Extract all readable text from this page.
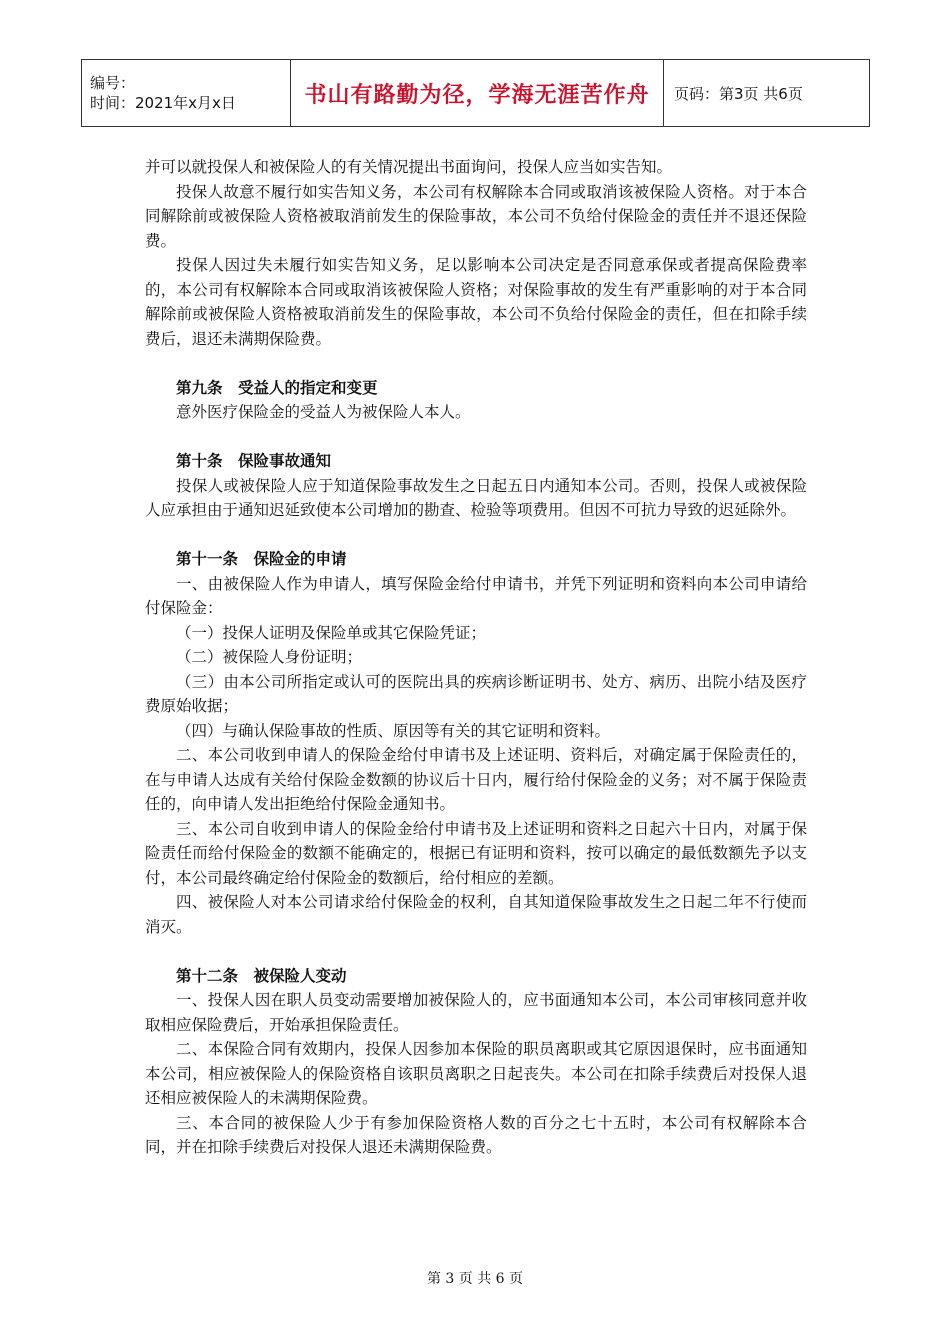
编号：
时间：2021年x月x日	书山有路勤为径，学海无涯苦作舟	页码：第3页 共6页

并可以就投保人和被保险人的有关情况提出书面询问，投保人应当如实告知。

投保人故意不履行如实告知义务，本公司有权解除本合同或取消该被保险人资格。对于本合同解除前或被保险人资格被取消前发生的保险事故，本公司不负给付保险金的责任并不退还保险费。

投保人因过失未履行如实告知义务，足以影响本公司决定是否同意承保或者提高保险费率的，本公司有权解除本合同或取消该被保险人资格；对保险事故的发生有严重影响的对于本合同解除前或被保险人资格被取消前发生的保险事故，本公司不负给付保险金的责任，但在扣除手续费后，退还未满期保险费。

第九条　受益人的指定和变更

意外医疗保险金的受益人为被保险人本人。

第十条　保险事故通知

投保人或被保险人应于知道保险事故发生之日起五日内通知本公司。否则，投保人或被保险人应承担由于通知迟延致使本公司增加的勘查、检验等项费用。但因不可抗力导致的迟延除外。

第十一条　保险金的申请

一、由被保险人作为申请人，填写保险金给付申请书，并凭下列证明和资料向本公司申请给付保险金：

（一）投保人证明及保险单或其它保险凭证；

（二）被保险人身份证明；

（三）由本公司所指定或认可的医院出具的疾病诊断证明书、处方、病历、出院小结及医疗费原始收据；

（四）与确认保险事故的性质、原因等有关的其它证明和资料。

二、本公司收到申请人的保险金给付申请书及上述证明、资料后，对确定属于保险责任的，在与申请人达成有关给付保险金数额的协议后十日内，履行给付保险金的义务；对不属于保险责任的，向申请人发出拒绝给付保险金通知书。

三、本公司自收到申请人的保险金给付申请书及上述证明和资料之日起六十日内，对属于保险责任而给付保险金的数额不能确定的，根据已有证明和资料，按可以确定的最低数额先予以支付，本公司最终确定给付保险金的数额后，给付相应的差额。

四、被保险人对本公司请求给付保险金的权利，自其知道保险事故发生之日起二年不行使而消灭。

第十二条　被保险人变动

一、投保人因在职人员变动需要增加被保险人的，应书面通知本公司，本公司审核同意并收取相应保险费后，开始承担保险责任。

二、本保险合同有效期内，投保人因参加本保险的职员离职或其它原因退保时，应书面通知本公司，相应被保险人的保险资格自该职员离职之日起丧失。本公司在扣除手续费后对投保人退还相应被保险人的未满期保险费。

三、本合同的被保险人少于有参加保险资格人数的百分之七十五时，本公司有权解除本合同，并在扣除手续费后对投保人退还未满期保险费。

第 3 页 共 6 页
